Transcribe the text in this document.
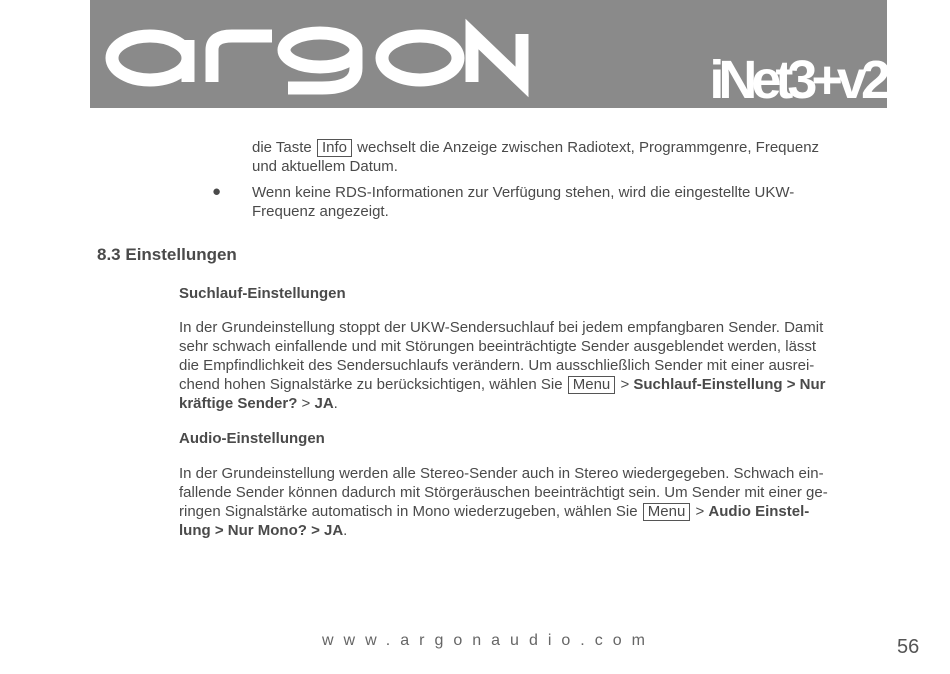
iNet3+v2
die Taste Info wechselt die Anzeige zwischen Radiotext, Programmgenre, Frequenz
und aktuellem Datum.
● Wenn keine RDS-Informationen zur Verfügung stehen, wird die eingestellte UKW-
Frequenz angezeigt.
8.3 Einstellungen
Suchlauf-Einstellungen
In der Grundeinstellung stoppt der UKW-Sendersuchlauf bei jedem empfangbaren Sender. Damit
sehr schwach einfallende und mit Störungen beeinträchtigte Sender ausgeblendet werden, lässt
die Empfindlichkeit des Sendersuchlaufs verändern. Um ausschließlich Sender mit einer ausrei-
chend hohen Signalstärke zu berücksichtigen, wählen Sie Menu > Suchlauf-Einstellung > Nur
kräftige Sender? > JA.
Audio-Einstellungen
In der Grundeinstellung werden alle Stereo-Sender auch in Stereo wiedergegeben. Schwach ein-
fallende Sender können dadurch mit Störgeräuschen beeinträchtigt sein. Um Sender mit einer ge-
ringen Signalstärke automatisch in Mono wiederzugeben, wählen Sie Menu > Audio Einstel-
lung > Nur Mono? > JA.
www.argonaudio.com	56
